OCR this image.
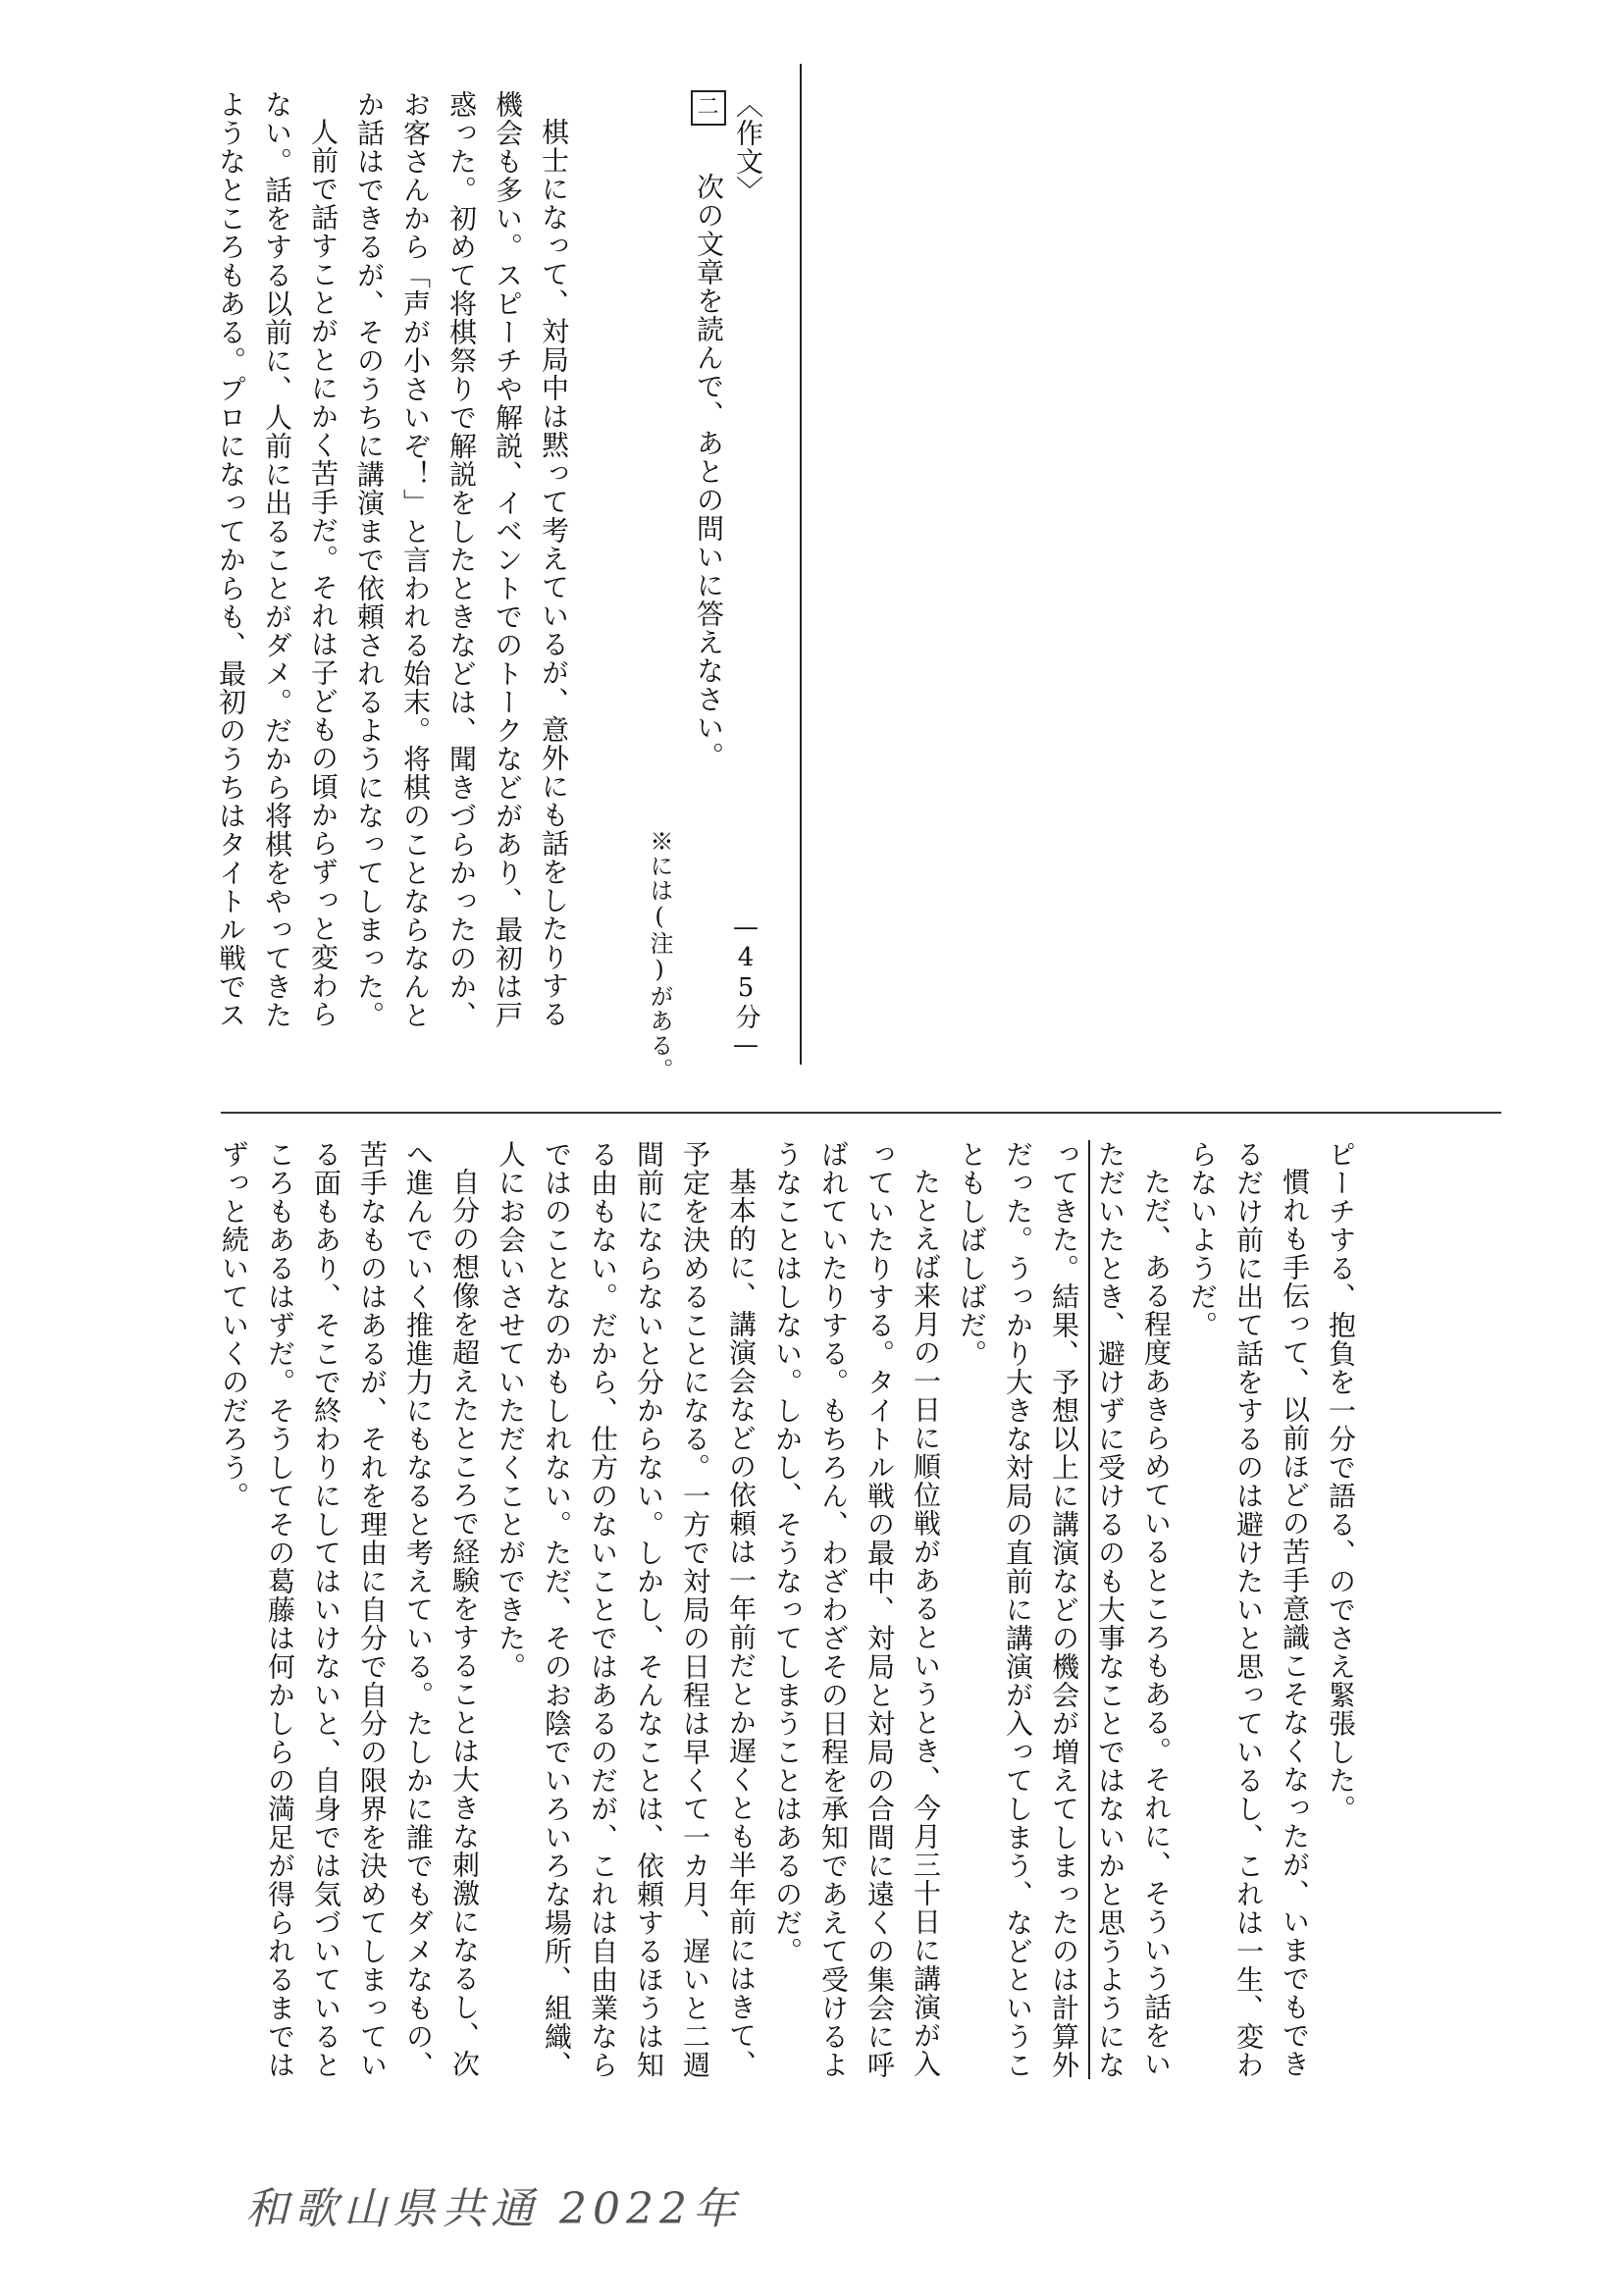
〈作文〉
二 次の文章を読んで、あとの問いに答えなさい。
—45分—
※には(注)がある。
棋士になって、対局中は黙って考えているが、意外にも話をしたりする
機会も多い。スピーチや解説、イベントでのトークなどがあり、最初は戸
惑った。初めて将棋祭りで解説をしたときなどは、聞きづらかったのか、
お客さんから「声が小さいぞ！」と言われる始末。将棋のことならなんと
か話はできるが、そのうちに講演まで依頼されるようになってしまった。
人前で話すことがとにかく苦手だ。それは子どもの頃からずっと変わら
ない。話をする以前に、人前に出ることがダメ。だから将棋をやってきた
ようなところもある。プロになってからも、最初のうちはタイトル戦でス
ピーチする、抱負を一分で語る、のでさえ緊張した。
慣れも手伝って、以前ほどの苦手意識こそなくなったが、いまでもでき
るだけ前に出て話をするのは避けたいと思っているし、これは一生、変わ
らないようだ。
ただ、ある程度あきらめているところもある。それに、そういう話をい
ただいたとき、避けずに受けるのも大事なことではないかと思うようにな
ってきた。結果、予想以上に講演などの機会が増えてしまったのは計算外
だった。うっかり大きな対局の直前に講演が入ってしまう、などというこ
ともしばしばだ。
たとえば来月の一日に順位戦があるというとき、今月三十日に講演が入
っていたりする。タイトル戦の最中、対局と対局の合間に遠くの集会に呼
ばれていたりする。もちろん、わざわざその日程を承知であえて受けるよ
うなことはしない。しかし、そうなってしまうことはあるのだ。
基本的に、講演会などの依頼は一年前だとか遅くとも半年前にはきて、
予定を決めることになる。一方で対局の日程は早くて一カ月、遅いと二週
間前にならないと分からない。しかし、そんなことは、依頼するほうは知
る由もない。だから、仕方のないことではあるのだが、これは自由業なら
ではのことなのかもしれない。ただ、そのお陰でいろいろな場所、組織、
人にお会いさせていただくことができた。
自分の想像を超えたところで経験をすることは大きな刺激になるし、次
へ進んでいく推進力にもなると考えている。たしかに誰でもダメなもの、
苦手なものはあるが、それを理由に自分で自分の限界を決めてしまってい
る面もあり、そこで終わりにしてはいけないと、自身では気づいていると
ころもあるはずだ。そうしてその葛藤は何かしらの満足が得られるまでは
ずっと続いていくのだろう。
和歌山県共通 2022年
